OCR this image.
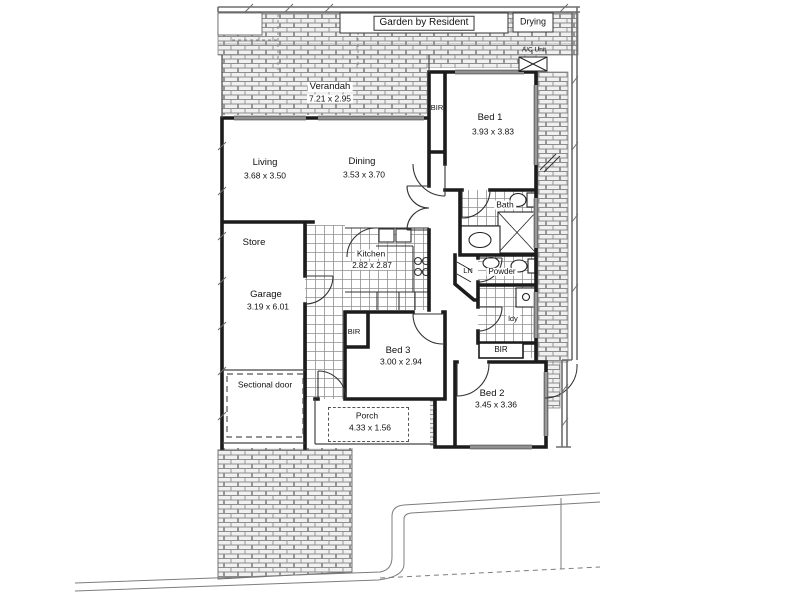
Garden by Resident	Drying
A/C Unit
Verandah
7.21 x 2.95
BIR
Bed 1
3.93 x 3.83
Living
3.68 x 3.50
Dining
3.53 x 3.70
Bath
Store
Kitchen
2.82 x 2.87
LN Powder
Garage
3.19 x 6.01
ldy
BIR
Bed 3
3.00 x 2.94
BIR
Sectional door
Bed 2
3.45 x 3.36
Porch
4.33 x 1.56
